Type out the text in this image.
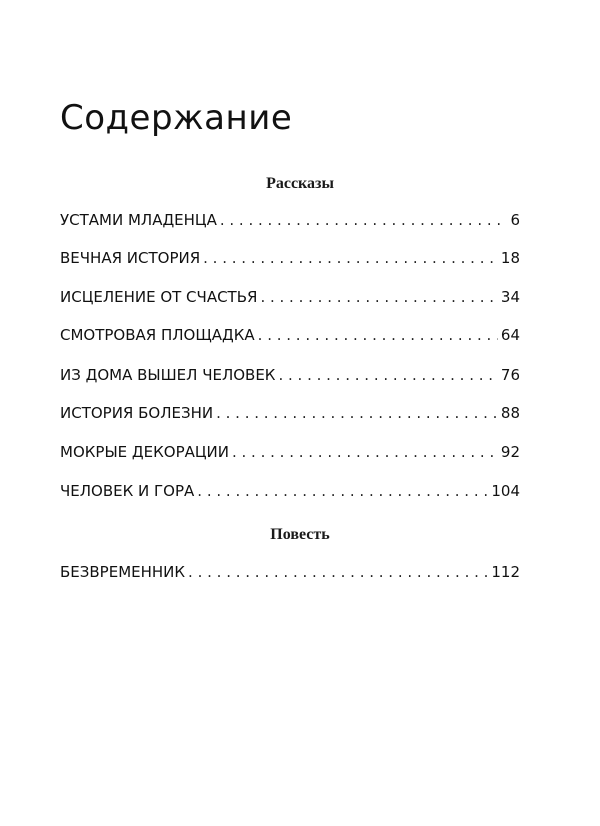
Содержание
Рассказы
УСТАМИ МЛАДЕНЦА . . .	6
ВЕЧНАЯ ИСТОРИЯ . . .	18
ИСЦЕЛЕНИЕ ОТ СЧАСТЬЯ . . .	34
СМОТРОВАЯ ПЛОЩАДКА . . .	64
ИЗ ДОМА ВЫШЕЛ ЧЕЛОВЕК . . .	76
ИСТОРИЯ БОЛЕЗНИ . . .	88
МОКРЫЕ ДЕКОРАЦИИ . . .	92
ЧЕЛОВЕК И ГОРА . . .	104
Повесть
БЕЗВРЕМЕННИК . . .	112
